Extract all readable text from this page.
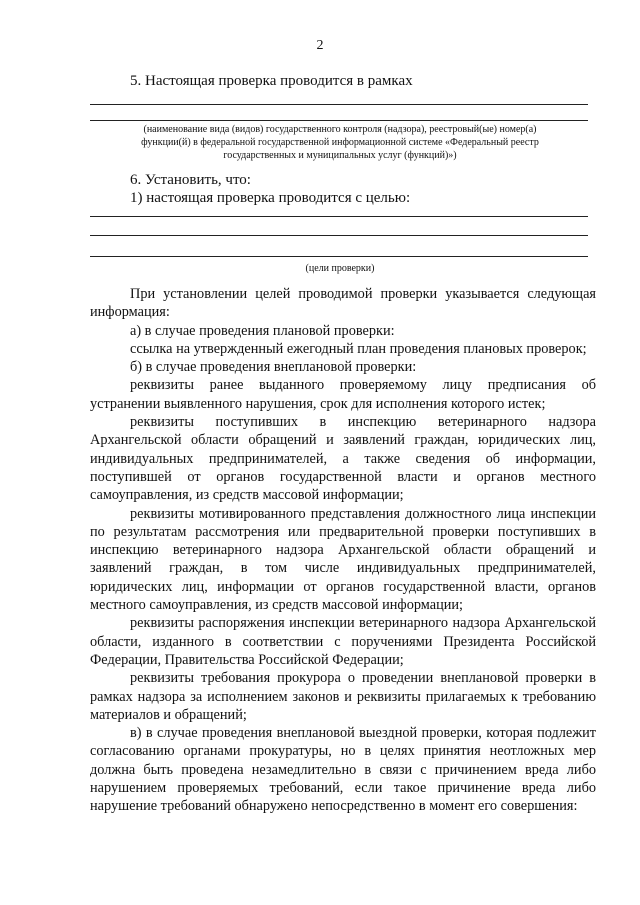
2
5. Настоящая проверка проводится в рамках
(наименование вида (видов) государственного контроля (надзора), реестровый(ые) номер(а)
функции(й) в федеральной государственной информационной системе «Федеральный реестр
государственных и муниципальных услуг (функций)»)
6. Установить, что:
1) настоящая проверка проводится с целью:
(цели проверки)

При установлении целей проводимой проверки указывается следующая информация:

а) в случае проведения плановой проверки:

ссылка на утвержденный ежегодный план проведения плановых проверок;

б) в случае проведения внеплановой проверки:

реквизиты ранее выданного проверяемому лицу предписания об устранении выявленного нарушения, срок для исполнения которого истек;

реквизиты поступивших в инспекцию ветеринарного надзора Архангельской области обращений и заявлений граждан, юридических лиц, индивидуальных предпринимателей, а также сведения об информации, поступившей от органов государственной власти и органов местного самоуправления, из средств массовой информации;

реквизиты мотивированного представления должностного лица инспекции по результатам рассмотрения или предварительной проверки поступивших в инспекцию ветеринарного надзора Архангельской области обращений и заявлений граждан, в том числе индивидуальных предпринимателей, юридических лиц, информации от органов государственной власти, органов местного самоуправления, из средств массовой информации;

реквизиты распоряжения инспекции ветеринарного надзора Архангельской области, изданного в соответствии с поручениями Президента Российской Федерации, Правительства Российской Федерации;

реквизиты требования прокурора о проведении внеплановой проверки в рамках надзора за исполнением законов и реквизиты прилагаемых к требованию материалов и обращений;

в) в случае проведения внеплановой выездной проверки, которая подлежит согласованию органами прокуратуры, но в целях принятия неотложных мер должна быть проведена незамедлительно в связи с причинением вреда либо нарушением проверяемых требований, если такое причинение вреда либо нарушение требований обнаружено непосредственно в момент его совершения:
